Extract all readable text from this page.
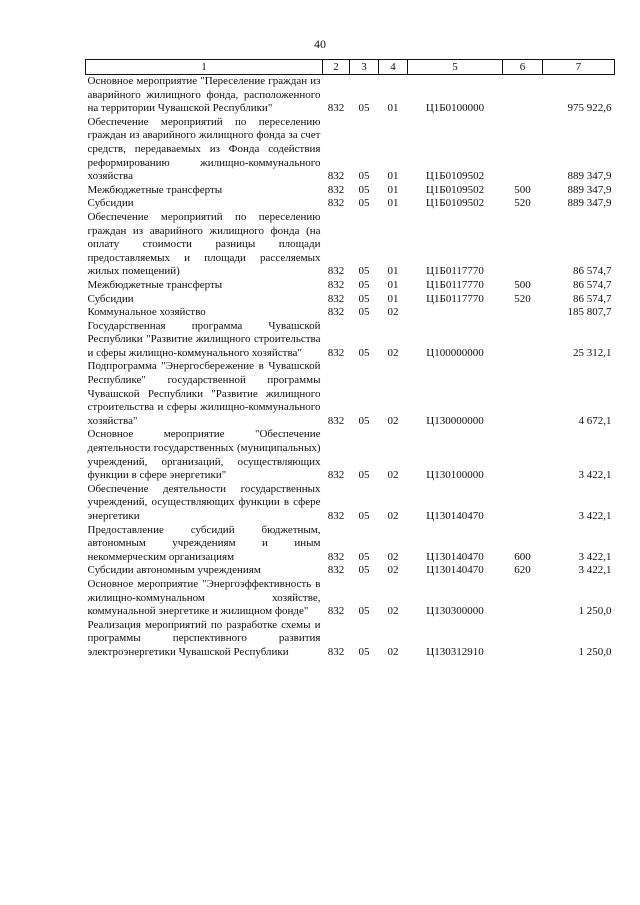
40
1	2	3	4	5	6	7
Основное мероприятие "Переселение граждан из аварийного жилищного фонда, расположенного на территории Чувашской Республики"	832	05	01	Ц1Б0100000		975 922,6
Обеспечение мероприятий по переселению граждан из аварийного жилищного фонда за счет средств, передаваемых из Фонда содействия реформированию жилищно-коммунального хозяйства	832	05	01	Ц1Б0109502		889 347,9
Межбюджетные трансферты	832	05	01	Ц1Б0109502	500	889 347,9
Субсидии	832	05	01	Ц1Б0109502	520	889 347,9
Обеспечение мероприятий по переселению граждан из аварийного жилищного фонда (на оплату стоимости разницы площади предоставляемых и площади расселяемых жилых помещений)	832	05	01	Ц1Б0117770		86 574,7
Межбюджетные трансферты	832	05	01	Ц1Б0117770	500	86 574,7
Субсидии	832	05	01	Ц1Б0117770	520	86 574,7
Коммунальное хозяйство	832	05	02			185 807,7
Государственная программа Чувашской Республики "Развитие жилищного строительства и сферы жилищно-коммунального хозяйства"	832	05	02	Ц100000000		25 312,1
Подпрограмма "Энергосбережение в Чувашской Республике" государственной программы Чувашской Республики "Развитие жилищного строительства и сферы жилищно-коммунального хозяйства"	832	05	02	Ц130000000		4 672,1
Основное мероприятие "Обеспечение деятельности государственных (муниципальных) учреждений, организаций, осуществляющих функции в сфере энергетики"	832	05	02	Ц130100000		3 422,1
Обеспечение деятельности государственных учреждений, осуществляющих функции в сфере энергетики	832	05	02	Ц130140470		3 422,1
Предоставление субсидий бюджетным, автономным учреждениям и иным некоммерческим организациям	832	05	02	Ц130140470	600	3 422,1
Субсидии автономным учреждениям	832	05	02	Ц130140470	620	3 422,1
Основное мероприятие "Энергоэффективность в жилищно-коммунальном хозяйстве, коммунальной энергетике и жилищном фонде"	832	05	02	Ц130300000		1 250,0
Реализация мероприятий по разработке схемы и программы перспективного развития электроэнергетики Чувашской Республики	832	05	02	Ц130312910		1 250,0
